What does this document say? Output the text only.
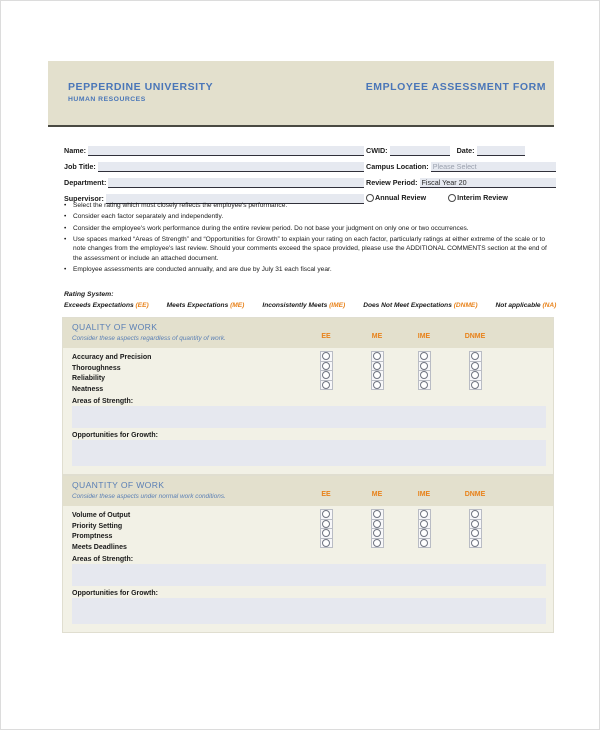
PEPPERDINE UNIVERSITY
HUMAN RESOURCES
EMPLOYEE ASSESSMENT FORM
Name:
Job Title:
Department:
Supervisor:
CWID:	Date:
Campus Location: Please Select
Review Period: Fiscal Year 20
Annual Review	Interim Review
•	Select the rating which most closely reflects the employee's performance.
•	Consider each factor separately and independently.
•	Consider the employee's work performance during the entire review period. Do not base your judgment on only one or two occurrences.
•	Use spaces marked “Areas of Strength” and “Opportunities for Growth” to explain your rating on each factor, particularly ratings at either extreme of the scale or to note changes from the employee's last review. Should your comments exceed the space provided, please use the ADDITIONAL COMMENTS section at the end of the assessment or include an attached document.
•	Employee assessments are conducted annually, and are due by July 31 each fiscal year.
Rating System:
Exceeds Expectations (EE)	Meets Expectations (ME)	Inconsistently Meets (IME)	Does Not Meet Expectations (DNME)	Not applicable (NA)
QUALITY OF WORK
Consider these aspects regardless of quantity of work.	EE	ME	IME	DNME
Accuracy and Precision
Thoroughness
Reliability
Neatness
Areas of Strength:
Opportunities for Growth:
QUANTITY OF WORK
Consider these aspects under normal work conditions.	EE	ME	IME	DNME
Volume of Output
Priority Setting
Promptness
Meets Deadlines
Areas of Strength:
Opportunities for Growth:
